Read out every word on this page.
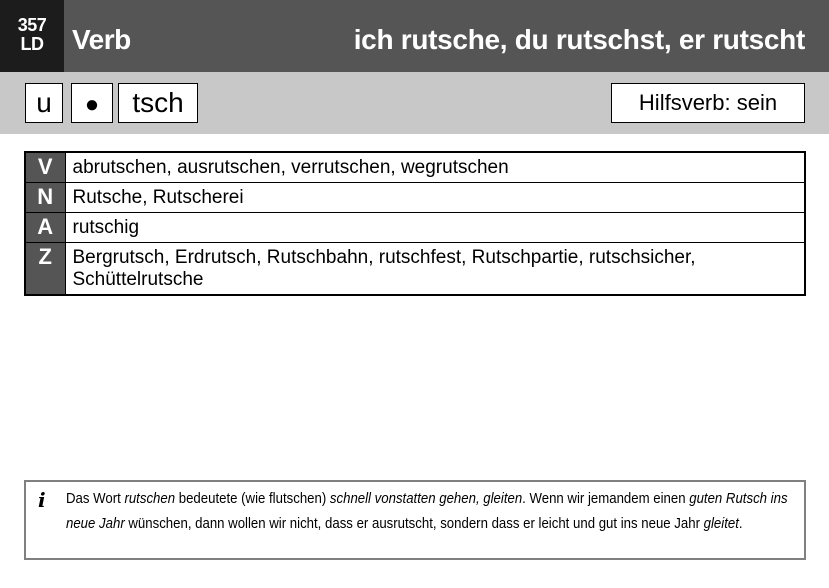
357
LD	Verb	ich rutsche, du rutschst, er rutscht
u	●	tsch	Hilfsverb: sein
V	abrutschen, ausrutschen, verrutschen, wegrutschen
N	Rutsche, Rutscherei
A	rutschig
Z	Bergrutsch, Erdrutsch, Rutschbahn, rutschfest, Rutschpartie, rutschsicher, Schüttelrutsche
i Das Wort rutschen bedeutete (wie flutschen) schnell vonstatten gehen, gleiten. Wenn wir jemandem einen guten Rutsch ins neue Jahr wünschen, dann wollen wir nicht, dass er ausrutscht, sondern dass er leicht und gut ins neue Jahr gleitet.
